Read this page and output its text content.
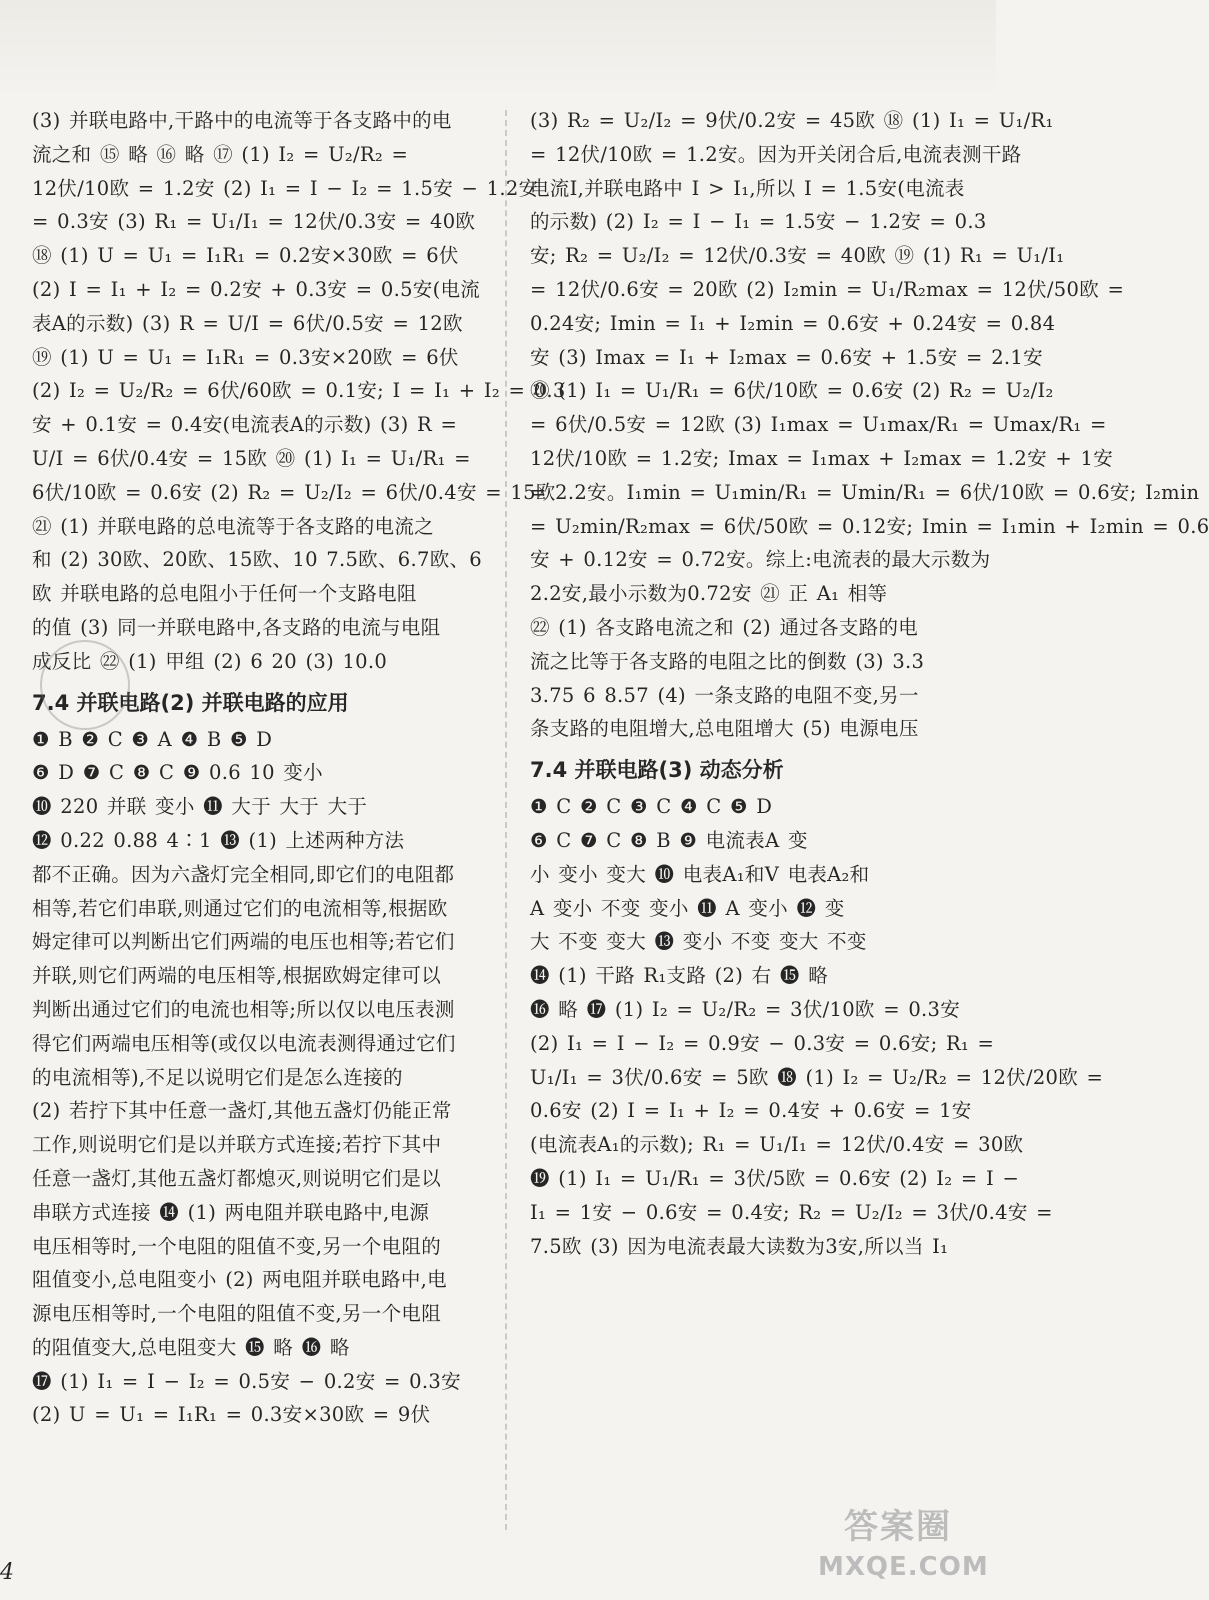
(3) 并联电路中,干路中的电流等于各支路中的电
流之和 ⑮ 略 ⑯ 略 ⑰ (1) I₂ = U₂/R₂ =
12伏/10欧 = 1.2安 (2) I₁ = I − I₂ = 1.5安 − 1.2安
= 0.3安 (3) R₁ = U₁/I₁ = 12伏/0.3安 = 40欧
⑱ (1) U = U₁ = I₁R₁ = 0.2安×30欧 = 6伏
(2) I = I₁ + I₂ = 0.2安 + 0.3安 = 0.5安(电流
表A的示数) (3) R = U/I = 6伏/0.5安 = 12欧
⑲ (1) U = U₁ = I₁R₁ = 0.3安×20欧 = 6伏
(2) I₂ = U₂/R₂ = 6伏/60欧 = 0.1安; I = I₁ + I₂ = 0.3
安 + 0.1安 = 0.4安(电流表A的示数) (3) R =
U/I = 6伏/0.4安 = 15欧 ⑳ (1) I₁ = U₁/R₁ =
6伏/10欧 = 0.6安 (2) R₂ = U₂/I₂ = 6伏/0.4安 = 15欧
㉑ (1) 并联电路的总电流等于各支路的电流之
和 (2) 30欧、20欧、15欧、10 7.5欧、6.7欧、6
欧 并联电路的总电阻小于任何一个支路电阻
的值 (3) 同一并联电路中,各支路的电流与电阻
成反比 ㉒ (1) 甲组 (2) 6 20 (3) 10.0
7.4 并联电路(2) 并联电路的应用
❶ B ❷ C ❸ A ❹ B ❺ D
❻ D ❼ C ❽ C ❾ 0.6 10 变小
❿ 220 并联 变小 ⓫ 大于 大于 大于
⓬ 0.22 0.88 4∶1 ⓭ (1) 上述两种方法
都不正确。因为六盏灯完全相同,即它们的电阻都
相等,若它们串联,则通过它们的电流相等,根据欧
姆定律可以判断出它们两端的电压也相等;若它们
并联,则它们两端的电压相等,根据欧姆定律可以
判断出通过它们的电流也相等;所以仅以电压表测
得它们两端电压相等(或仅以电流表测得通过它们
的电流相等),不足以说明它们是怎么连接的
(2) 若拧下其中任意一盏灯,其他五盏灯仍能正常
工作,则说明它们是以并联方式连接;若拧下其中
任意一盏灯,其他五盏灯都熄灭,则说明它们是以
串联方式连接 ⓮ (1) 两电阻并联电路中,电源
电压相等时,一个电阻的阻值不变,另一个电阻的
阻值变小,总电阻变小 (2) 两电阻并联电路中,电
源电压相等时,一个电阻的阻值不变,另一个电阻
的阻值变大,总电阻变大 ⓯ 略 ⓰ 略
⓱ (1) I₁ = I − I₂ = 0.5安 − 0.2安 = 0.3安
(2) U = U₁ = I₁R₁ = 0.3安×30欧 = 9伏
(3) R₂ = U₂/I₂ = 9伏/0.2安 = 45欧 ⑱ (1) I₁ = U₁/R₁
= 12伏/10欧 = 1.2安。因为开关闭合后,电流表测干路
电流I,并联电路中 I > I₁,所以 I = 1.5安(电流表
的示数) (2) I₂ = I − I₁ = 1.5安 − 1.2安 = 0.3
安; R₂ = U₂/I₂ = 12伏/0.3安 = 40欧 ⑲ (1) R₁ = U₁/I₁
= 12伏/0.6安 = 20欧 (2) I₂min = U₁/R₂max = 12伏/50欧 =
0.24安; Imin = I₁ + I₂min = 0.6安 + 0.24安 = 0.84
安 (3) Imax = I₁ + I₂max = 0.6安 + 1.5安 = 2.1安
⑳ (1) I₁ = U₁/R₁ = 6伏/10欧 = 0.6安 (2) R₂ = U₂/I₂
= 6伏/0.5安 = 12欧 (3) I₁max = U₁max/R₁ = Umax/R₁ =
12伏/10欧 = 1.2安; Imax = I₁max + I₂max = 1.2安 + 1安
= 2.2安。I₁min = U₁min/R₁ = Umin/R₁ = 6伏/10欧 = 0.6安; I₂min
= U₂min/R₂max = 6伏/50欧 = 0.12安; Imin = I₁min + I₂min = 0.6
安 + 0.12安 = 0.72安。综上:电流表的最大示数为
2.2安,最小示数为0.72安 ㉑ 正 A₁ 相等
㉒ (1) 各支路电流之和 (2) 通过各支路的电
流之比等于各支路的电阻之比的倒数 (3) 3.3
3.75 6 8.57 (4) 一条支路的电阻不变,另一
条支路的电阻增大,总电阻增大 (5) 电源电压
7.4 并联电路(3) 动态分析
❶ C ❷ C ❸ C ❹ C ❺ D
❻ C ❼ C ❽ B ❾ 电流表A 变
小 变小 变大 ❿ 电表A₁和V 电表A₂和
A 变小 不变 变小 ⓫ A 变小 ⓬ 变
大 不变 变大 ⓭ 变小 不变 变大 不变
⓮ (1) 干路 R₁支路 (2) 右 ⓯ 略
⓰ 略 ⓱ (1) I₂ = U₂/R₂ = 3伏/10欧 = 0.3安
(2) I₁ = I − I₂ = 0.9安 − 0.3安 = 0.6安; R₁ =
U₁/I₁ = 3伏/0.6安 = 5欧 ⓲ (1) I₂ = U₂/R₂ = 12伏/20欧 =
0.6安 (2) I = I₁ + I₂ = 0.4安 + 0.6安 = 1安
(电流表A₁的示数); R₁ = U₁/I₁ = 12伏/0.4安 = 30欧
⓳ (1) I₁ = U₁/R₁ = 3伏/5欧 = 0.6安 (2) I₂ = I −
I₁ = 1安 − 0.6安 = 0.4安; R₂ = U₂/I₂ = 3伏/0.4安 =
7.5欧 (3) 因为电流表最大读数为3安,所以当 I₁
4
答案圈
MXQE.COM
